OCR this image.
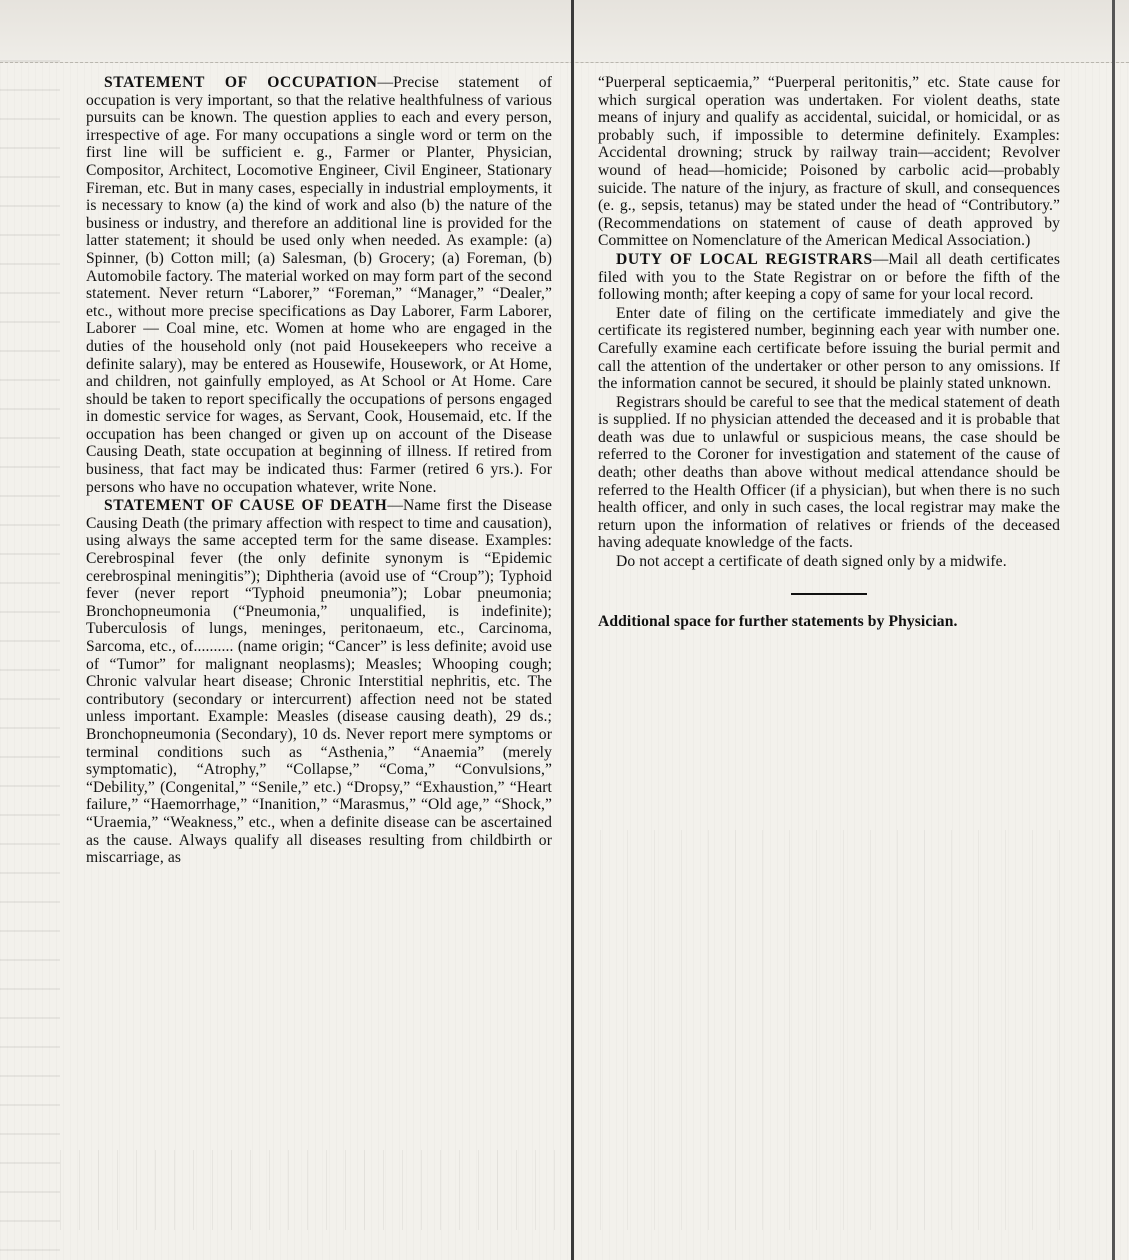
STATEMENT OF OCCUPATION—Precise statement of occupation is very important, so that the relative healthfulness of various pursuits can be known. The question applies to each and every person, irrespective of age. For many occupations a single word or term on the first line will be sufficient e. g., Farmer or Planter, Physician, Compositor, Architect, Locomotive Engineer, Civil Engineer, Stationary Fireman, etc. But in many cases, especially in industrial employments, it is necessary to know (a) the kind of work and also (b) the nature of the business or industry, and therefore an additional line is provided for the latter statement; it should be used only when needed. As example: (a) Spinner, (b) Cotton mill; (a) Salesman, (b) Grocery; (a) Foreman, (b) Automobile factory. The material worked on may form part of the second statement. Never return “Laborer,” “Foreman,” “Manager,” “Dealer,” etc., without more precise specifications as Day Laborer, Farm Laborer, Laborer — Coal mine, etc. Women at home who are engaged in the duties of the household only (not paid Housekeepers who receive a definite salary), may be entered as Housewife, Housework, or At Home, and children, not gainfully employed, as At School or At Home. Care should be taken to report specifically the occupations of persons engaged in domestic service for wages, as Servant, Cook, Housemaid, etc. If the occupation has been changed or given up on account of the Disease Causing Death, state occupation at beginning of illness. If retired from business, that fact may be indicated thus: Farmer (retired 6 yrs.). For persons who have no occupation whatever, write None.

STATEMENT OF CAUSE OF DEATH—Name first the Disease Causing Death (the primary affection with respect to time and causation), using always the same accepted term for the same disease. Examples: Cerebrospinal fever (the only definite synonym is “Epidemic cerebrospinal meningitis”); Diphtheria (avoid use of “Croup”); Typhoid fever (never report “Typhoid pneumonia”); Lobar pneumonia; Bronchopneumonia (“Pneumonia,” unqualified, is indefinite); Tuberculosis of lungs, meninges, peritonaeum, etc., Carcinoma, Sarcoma, etc., of.......... (name origin; “Cancer” is less definite; avoid use of “Tumor” for malignant neoplasms); Measles; Whooping cough; Chronic valvular heart disease; Chronic Interstitial nephritis, etc. The contributory (secondary or intercurrent) affection need not be stated unless important. Example: Measles (disease causing death), 29 ds.; Bronchopneumonia (Secondary), 10 ds. Never report mere symptoms or terminal conditions such as “Asthenia,” “Anaemia” (merely symptomatic), “Atrophy,” “Collapse,” “Coma,” “Convulsions,” “Debility,” (Congenital,” “Senile,” etc.) “Dropsy,” “Exhaustion,” “Heart failure,” “Haemorrhage,” “Inanition,” “Marasmus,” “Old age,” “Shock,” “Uraemia,” “Weakness,” etc., when a definite disease can be ascertained as the cause. Always qualify all diseases resulting from childbirth or miscarriage, as

“Puerperal septicaemia,” “Puerperal peritonitis,” etc. State cause for which surgical operation was undertaken. For violent deaths, state means of injury and qualify as accidental, suicidal, or homicidal, or as probably such, if impossible to determine definitely. Examples: Accidental drowning; struck by railway train—accident; Revolver wound of head—homicide; Poisoned by carbolic acid—probably suicide. The nature of the injury, as fracture of skull, and consequences (e. g., sepsis, tetanus) may be stated under the head of “Contributory.” (Recommendations on statement of cause of death approved by Committee on Nomenclature of the American Medical Association.)

DUTY OF LOCAL REGISTRARS—Mail all death certificates filed with you to the State Registrar on or before the fifth of the following month; after keeping a copy of same for your local record.

Enter date of filing on the certificate immediately and give the certificate its registered number, beginning each year with number one. Carefully examine each certificate before issuing the burial permit and call the attention of the undertaker or other person to any omissions. If the information cannot be secured, it should be plainly stated unknown.

Registrars should be careful to see that the medical statement of death is supplied. If no physician attended the deceased and it is probable that death was due to unlawful or suspicious means, the case should be referred to the Coroner for investigation and statement of the cause of death; other deaths than above without medical attendance should be referred to the Health Officer (if a physician), but when there is no such health officer, and only in such cases, the local registrar may make the return upon the information of relatives or friends of the deceased having adequate knowledge of the facts.

Do not accept a certificate of death signed only by a midwife.

Additional space for further statements by Physician.
